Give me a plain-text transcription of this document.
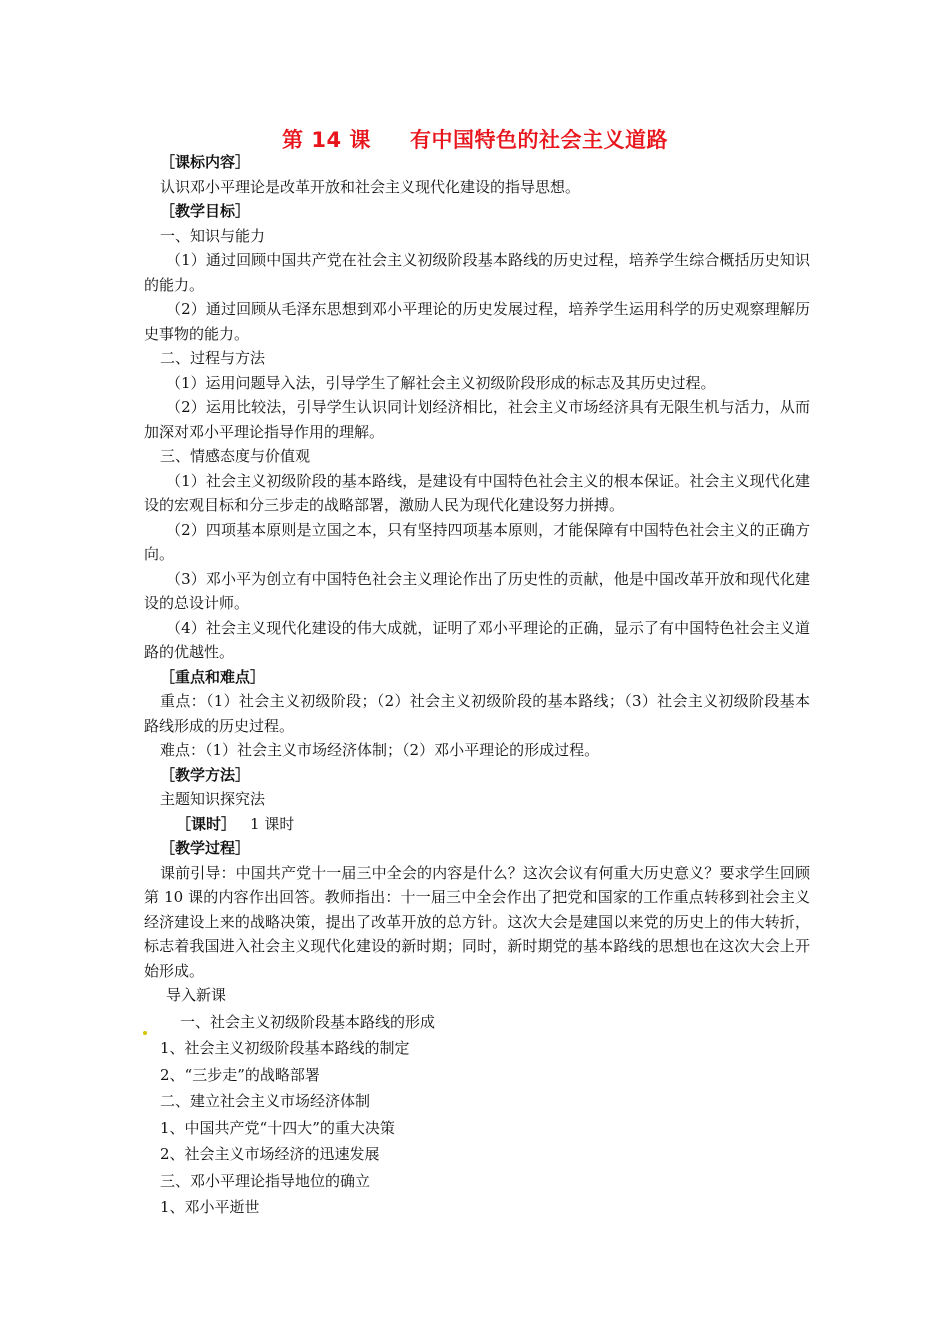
第 14 课     有中国特色的社会主义道路

［课标内容］

认识邓小平理论是改革开放和社会主义现代化建设的指导思想。

［教学目标］

一、知识与能力

（1）通过回顾中国共产党在社会主义初级阶段基本路线的历史过程，培养学生综合概括历史知识的能力。

（2）通过回顾从毛泽东思想到邓小平理论的历史发展过程，培养学生运用科学的历史观察理解历史事物的能力。

二、过程与方法

（1）运用问题导入法，引导学生了解社会主义初级阶段形成的标志及其历史过程。

（2）运用比较法，引导学生认识同计划经济相比，社会主义市场经济具有无限生机与活力，从而加深对邓小平理论指导作用的理解。

三、情感态度与价值观

（1）社会主义初级阶段的基本路线，是建设有中国特色社会主义的根本保证。社会主义现代化建设的宏观目标和分三步走的战略部署，激励人民为现代化建设努力拼搏。

（2）四项基本原则是立国之本，只有坚持四项基本原则，才能保障有中国特色社会主义的正确方向。

（3）邓小平为创立有中国特色社会主义理论作出了历史性的贡献，他是中国改革开放和现代化建设的总设计师。

（4）社会主义现代化建设的伟大成就，证明了邓小平理论的正确，显示了有中国特色社会主义道路的优越性。

［重点和难点］

重点：（1）社会主义初级阶段；（2）社会主义初级阶段的基本路线；（3）社会主义初级阶段基本路线形成的历史过程。

难点：（1）社会主义市场经济体制；（2）邓小平理论的形成过程。

［教学方法］

主题知识探究法

［课时］ 1 课时

［教学过程］

课前引导：中国共产党十一届三中全会的内容是什么？这次会议有何重大历史意义？要求学生回顾第 10 课的内容作出回答。教师指出：十一届三中全会作出了把党和国家的工作重点转移到社会主义经济建设上来的战略决策，提出了改革开放的总方针。这次大会是建国以来党的历史上的伟大转折，标志着我国进入社会主义现代化建设的新时期；同时，新时期党的基本路线的思想也在这次大会上开始形成。

导入新课

一、社会主义初级阶段基本路线的形成

1、社会主义初级阶段基本路线的制定

2、“三步走”的战略部署

二、建立社会主义市场经济体制

1、中国共产党“十四大”的重大决策

2、社会主义市场经济的迅速发展

三、邓小平理论指导地位的确立

1、邓小平逝世
